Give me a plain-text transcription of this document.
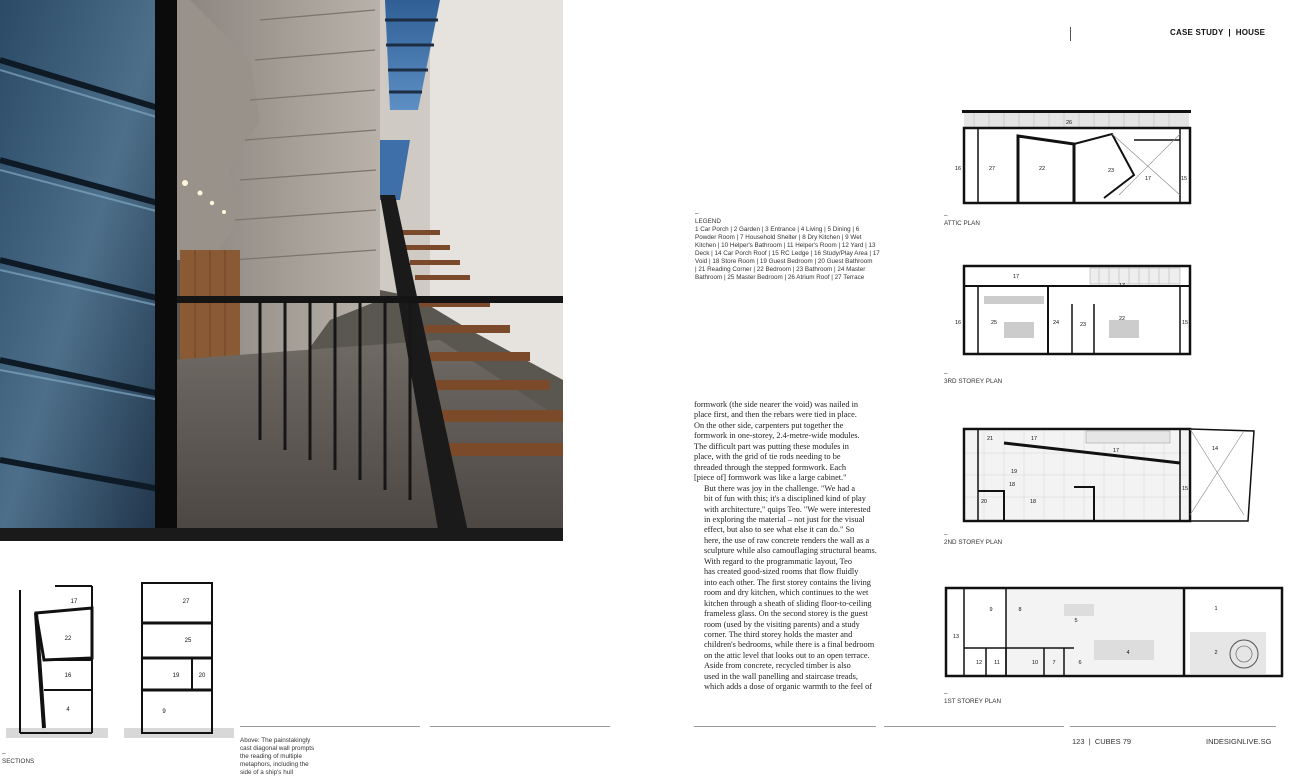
17
22
16
4
27
25
19	20
9
–
SECTIONS
Above: The painstakingly
cast diagonal wall prompts
the reading of multiple
metaphors, including the
side of a ship's hull
CASE STUDY | HOUSE
–
LEGEND
1 Car Porch | 2 Garden | 3 Entrance | 4 Living | 5 Dining | 6
Powder Room | 7 Household Shelter | 8 Dry Kitchen | 9 Wet
Kitchen | 10 Helper's Bathroom | 11 Helper's Room | 12 Yard | 13
Deck | 14 Car Porch Roof | 15 RC Ledge | 16 Study/Play Area | 17
Void | 18 Store Room | 19 Guest Bedroom | 20 Guest Bathroom
| 21 Reading Corner | 22 Bedroom | 23 Bathroom | 24 Master
Bathroom | 25 Master Bedroom | 26 Atrium Roof | 27 Terrace

formwork (the side nearer the void) was nailed in
place first, and then the rebars were tied in place.
On the other side, carpenters put together the
formwork in one-storey, 2.4-metre-wide modules.
The difficult part was putting these modules in
place, with the grid of tie rods needing to be
threaded through the stepped formwork. Each
[piece of] formwork was like a large cabinet."

But there was joy in the challenge. "We had a
bit of fun with this; it's a disciplined kind of play
with architecture," quips Teo. "We were interested
in exploring the material – not just for the visual
effect, but also to see what else it can do." So
here, the use of raw concrete renders the wall as a
sculpture while also camouflaging structural beams.

With regard to the programmatic layout, Teo
has created good-sized rooms that flow fluidly
into each other. The first storey contains the living
room and dry kitchen, which continues to the wet
kitchen through a sheath of sliding floor-to-ceiling
frameless glass. On the second storey is the guest
room (used by the visiting parents) and a study
corner. The third storey holds the master and
children's bedrooms, while there is a final bedroom
on the attic level that looks out to an open terrace.

Aside from concrete, recycled timber is also
used in the wall panelling and staircase treads,
which adds a dose of organic warmth to the feel of

26
16	27	22	23
17	15
–
ATTIC PLAN
17
17
16	25	24	23
22
15
–
3RD STOREY PLAN
21	17
17	14
19
18
15
20	18
–
2ND STOREY PLAN
9	8	1
5
13
4	2
12 11	10	7	6
–
1ST STOREY PLAN
123 | CUBES 79	INDESIGNLIVE.SG
